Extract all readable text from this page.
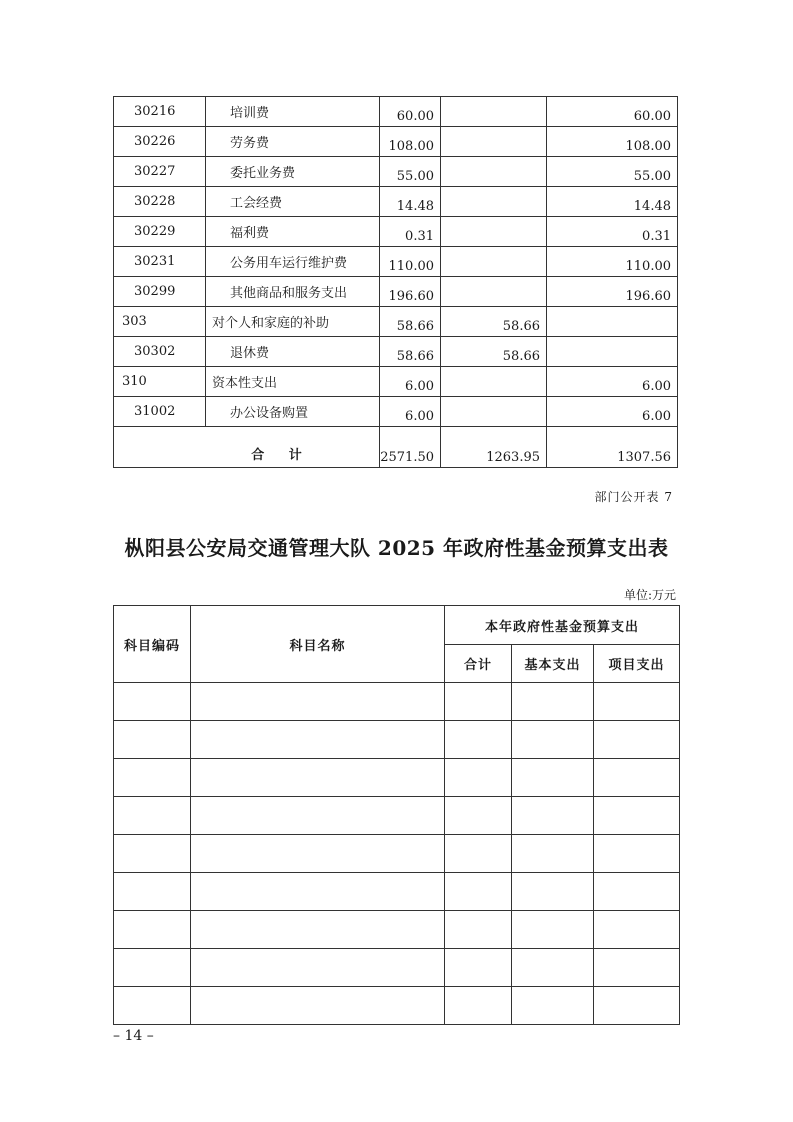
30216	培训费	60.00		60.00
30226	劳务费	108.00		108.00
30227	委托业务费	55.00		55.00
30228	工会经费	14.48		14.48
30229	福利费	0.31		0.31
30231	公务用车运行维护费	110.00		110.00
30299	其他商品和服务支出	196.60		196.60
303	对个人和家庭的补助	58.66	58.66	
30302	退休费	58.66	58.66	
310	资本性支出	6.00		6.00
31002	办公设备购置	6.00		6.00
合 计		2571.50	1263.95	1307.56
部门公开表 7
枞阳县公安局交通管理大队 2025 年政府性基金预算支出表
单位:万元
科目编码	科目名称	本年政府性基金预算支出		
		合计	基本支出	项目支出

– 14 –
